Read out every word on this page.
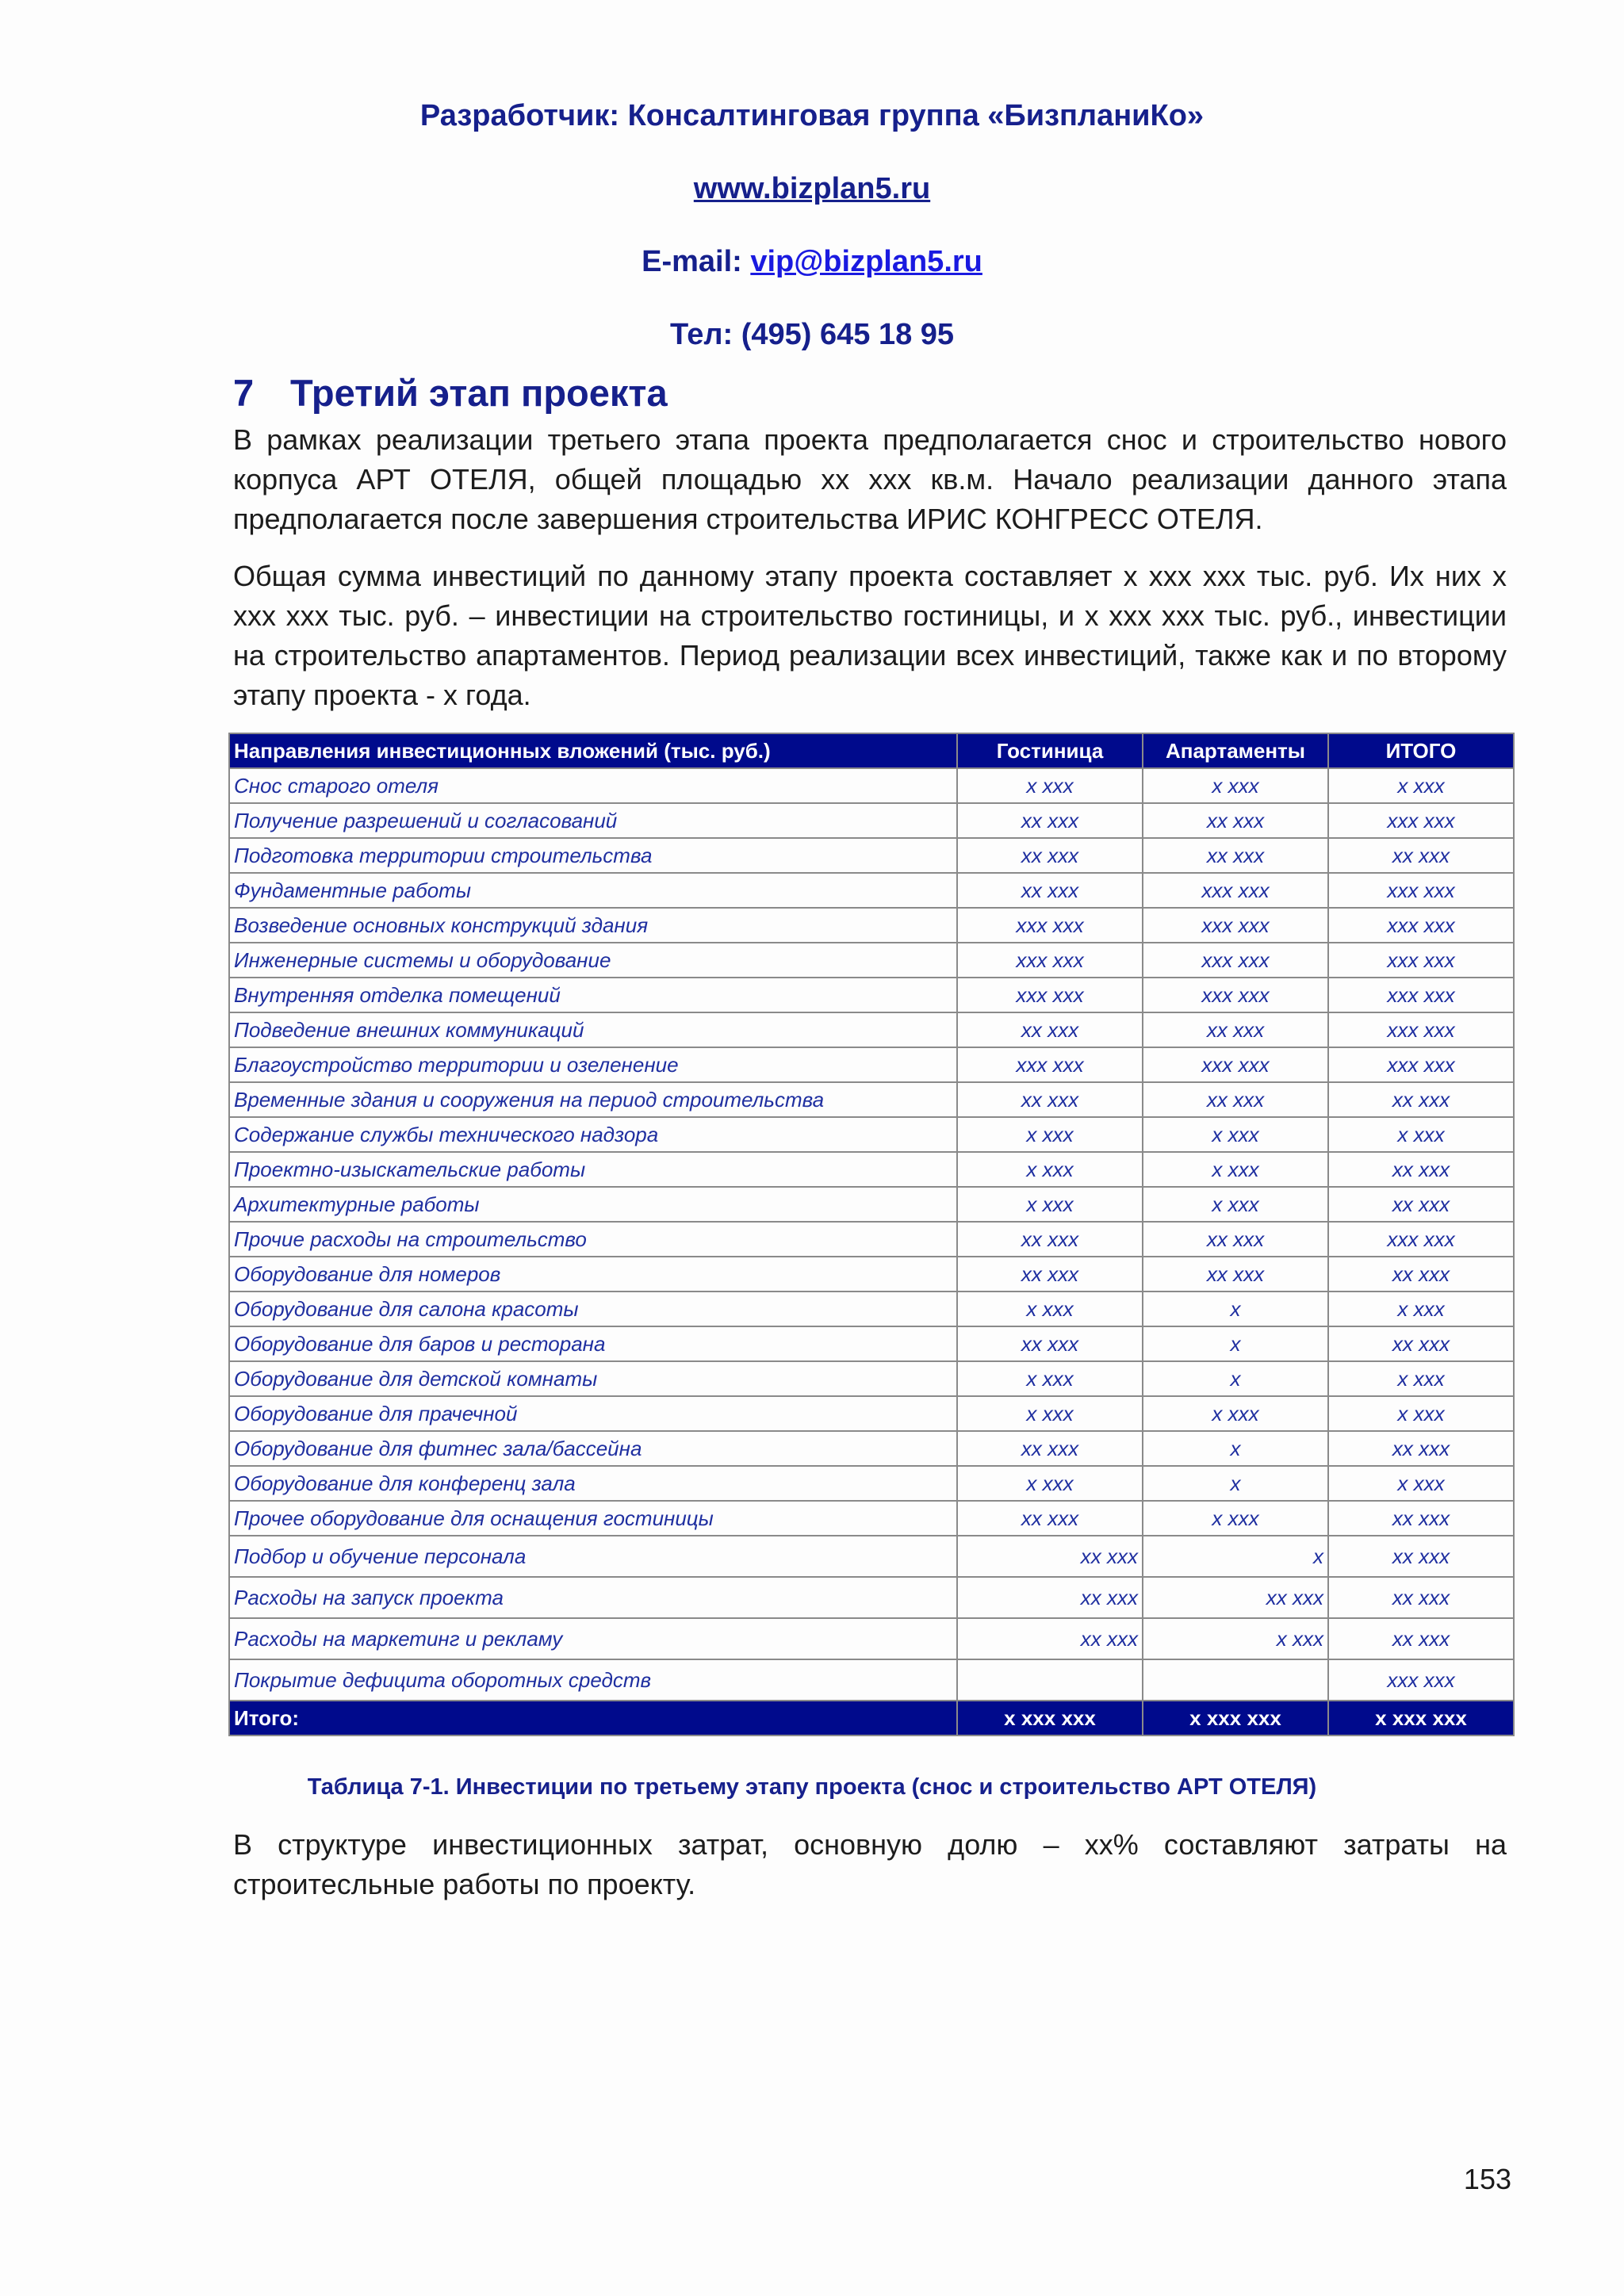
Разработчик: Консалтинговая группа «БизпланиКо»
www.bizplan5.ru
E-mail: vip@bizplan5.ru
Тел: (495) 645 18 95
7 Третий этап проекта
В рамках реализации третьего этапа проекта предполагается снос и строительство нового корпуса АРТ ОТЕЛЯ, общей площадью xx xxx кв.м. Начало реализации данного этапа предполагается после завершения строительства ИРИС КОНГРЕСС ОТЕЛЯ.
Общая сумма инвестиций по данному этапу проекта составляет x xxx xxx тыс. руб. Их них x xxx xxx тыс. руб. – инвестиции на строительство гостиницы, и x xxx xxx тыс. руб., инвестиции на строительство апартаментов. Период реализации всех инвестиций, также как и по второму этапу проекта - x года.
Направления инвестиционных вложений (тыс. руб.)	Гостиница	Апартаменты	ИТОГО
Снос старого отеля	x xxx	x xxx	x xxx
Получение разрешений и согласований	xx xxx	xx xxx	xxx xxx
Подготовка территории строительства	xx xxx	xx xxx	xx xxx
Фундаментные работы	xx xxx	xxx xxx	xxx xxx
Возведение основных конструкций здания	xxx xxx	xxx xxx	xxx xxx
Инженерные системы и оборудование	xxx xxx	xxx xxx	xxx xxx
Внутренняя отделка помещений	xxx xxx	xxx xxx	xxx xxx
Подведение внешних коммуникаций	xx xxx	xx xxx	xxx xxx
Благоустройство территории и озеленение	xxx xxx	xxx xxx	xxx xxx
Временные здания и сооружения на период строительства	xx xxx	xx xxx	xx xxx
Содержание службы технического надзора	x xxx	x xxx	x xxx
Проектно-изыскательские работы	x xxx	x xxx	xx xxx
Архитектурные работы	x xxx	x xxx	xx xxx
Прочие расходы на строительство	xx xxx	xx xxx	xxx xxx
Оборудование для номеров	xx xxx	xx xxx	xx xxx
Оборудование для салона красоты	x xxx	x	x xxx
Оборудование для баров и ресторана	xx xxx	x	xx xxx
Оборудование для детской комнаты	x xxx	x	x xxx
Оборудование для прачечной	x xxx	x xxx	x xxx
Оборудование для фитнес зала/бассейна	xx xxx	x	xx xxx
Оборудование для конференц зала	x xxx	x	x xxx
Прочее оборудование для оснащения гостиницы	xx xxx	x xxx	xx xxx
Подбор и обучение персонала	xx xxx	x	xx xxx
Расходы на запуск проекта	xx xxx	xx xxx	xx xxx
Расходы на маркетинг и рекламу	xx xxx	x xxx	xx xxx
Покрытие дефицита оборотных средств			xxx xxx
Итого:	x xxx xxx	x xxx xxx	x xxx xxx
Таблица 7-1. Инвестиции по третьему этапу проекта (снос и строительство АРТ ОТЕЛЯ)
В структуре инвестиционных затрат, основную долю – xx% составляют затраты на строитесльные работы по проекту.
153
